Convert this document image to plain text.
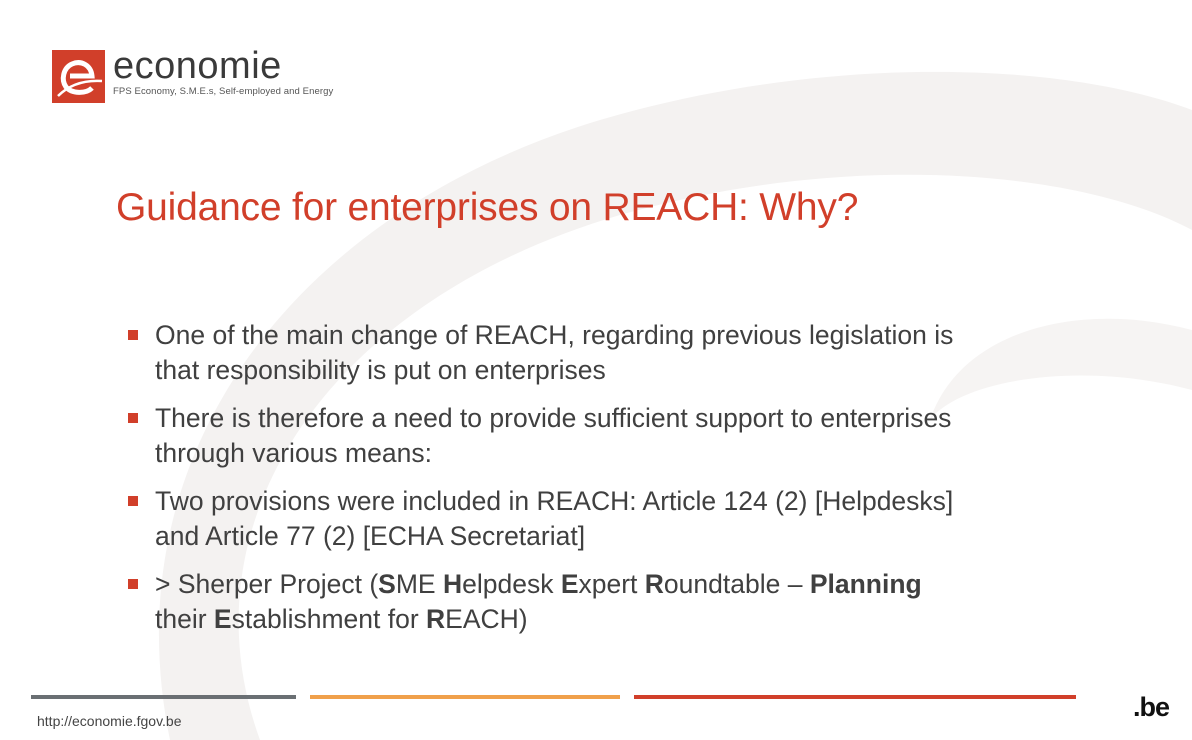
economie
FPS Economy, S.M.E.s, Self-employed and Energy
Guidance for enterprises on REACH: Why?
One of the main change of REACH, regarding previous legislation is that responsibility is put on enterprises
There is therefore a need to provide sufficient support to enterprises through various means:
Two provisions were included in REACH: Article 124 (2) [Helpdesks] and Article 77 (2) [ECHA Secretariat]
> Sherper Project (SME Helpdesk Expert Roundtable – Planning their Establishment for REACH)
http://economie.fgov.be	.be
